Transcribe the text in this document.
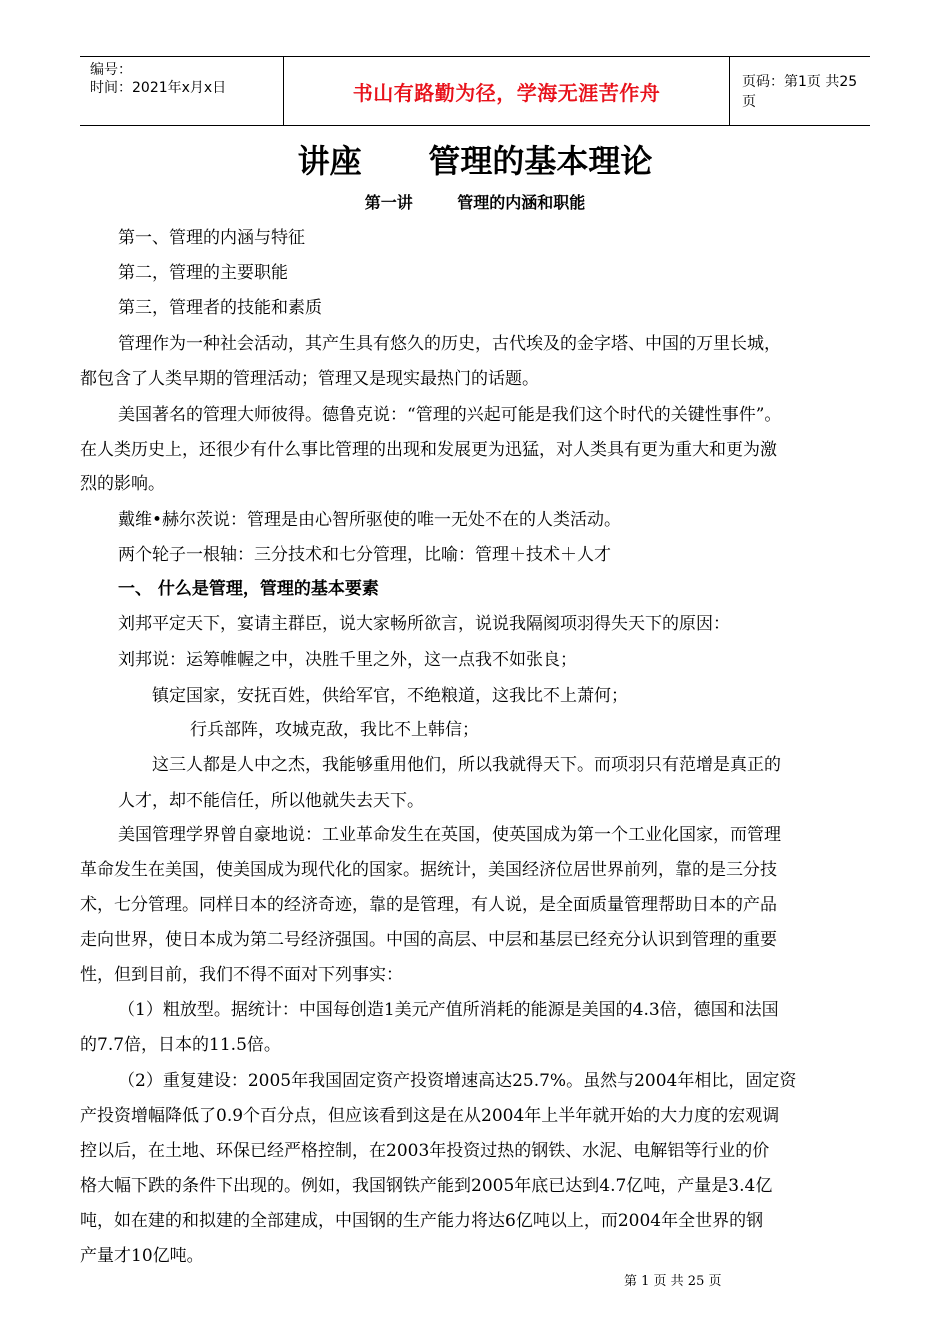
编号：
时间：2021年x月x日	书山有路勤为径，学海无涯苦作舟	页码：第1页 共25页
讲座      管理的基本理论
第一讲        管理的内涵和职能
第一、管理的内涵与特征
第二，管理的主要职能
第三，管理者的技能和素质
管理作为一种社会活动，其产生具有悠久的历史，古代埃及的金字塔、中国的万里长城，
都包含了人类早期的管理活动；管理又是现实最热门的话题。
美国著名的管理大师彼得。德鲁克说：“管理的兴起可能是我们这个时代的关键性事件”。
在人类历史上，还很少有什么事比管理的出现和发展更为迅猛，对人类具有更为重大和更为激
烈的影响。
戴维•赫尔茨说：管理是由心智所驱使的唯一无处不在的人类活动。
两个轮子一根轴：三分技术和七分管理，比喻：管理＋技术＋人才
一、 什么是管理，管理的基本要素
刘邦平定天下，宴请主群臣，说大家畅所欲言，说说我隔阂项羽得失天下的原因：
刘邦说：运筹帷幄之中，决胜千里之外，这一点我不如张良；
镇定国家，安抚百姓，供给军官，不绝粮道，这我比不上萧何；
行兵部阵，攻城克敌，我比不上韩信；
这三人都是人中之杰，我能够重用他们，所以我就得天下。而项羽只有范增是真正的
人才，却不能信任，所以他就失去天下。
美国管理学界曾自豪地说：工业革命发生在英国，使英国成为第一个工业化国家，而管理
革命发生在美国，使美国成为现代化的国家。据统计，美国经济位居世界前列，靠的是三分技
术，七分管理。同样日本的经济奇迹，靠的是管理，有人说，是全面质量管理帮助日本的产品
走向世界，使日本成为第二号经济强国。中国的高层、中层和基层已经充分认识到管理的重要
性，但到目前，我们不得不面对下列事实：
（1）粗放型。据统计：中国每创造1美元产值所消耗的能源是美国的4.3倍，德国和法国
的7.7倍，日本的11.5倍。
（2）重复建设：2005年我国固定资产投资增速高达25.7%。虽然与2004年相比，固定资
产投资增幅降低了0.9个百分点，但应该看到这是在从2004年上半年就开始的大力度的宏观调
控以后，在土地、环保已经严格控制，在2003年投资过热的钢铁、水泥、电解铝等行业的价
格大幅下跌的条件下出现的。例如，我国钢铁产能到2005年底已达到4.7亿吨，产量是3.4亿
吨，如在建的和拟建的全部建成，中国钢的生产能力将达6亿吨以上，而2004年全世界的钢
产量才10亿吨。
第 1 页 共 25 页
